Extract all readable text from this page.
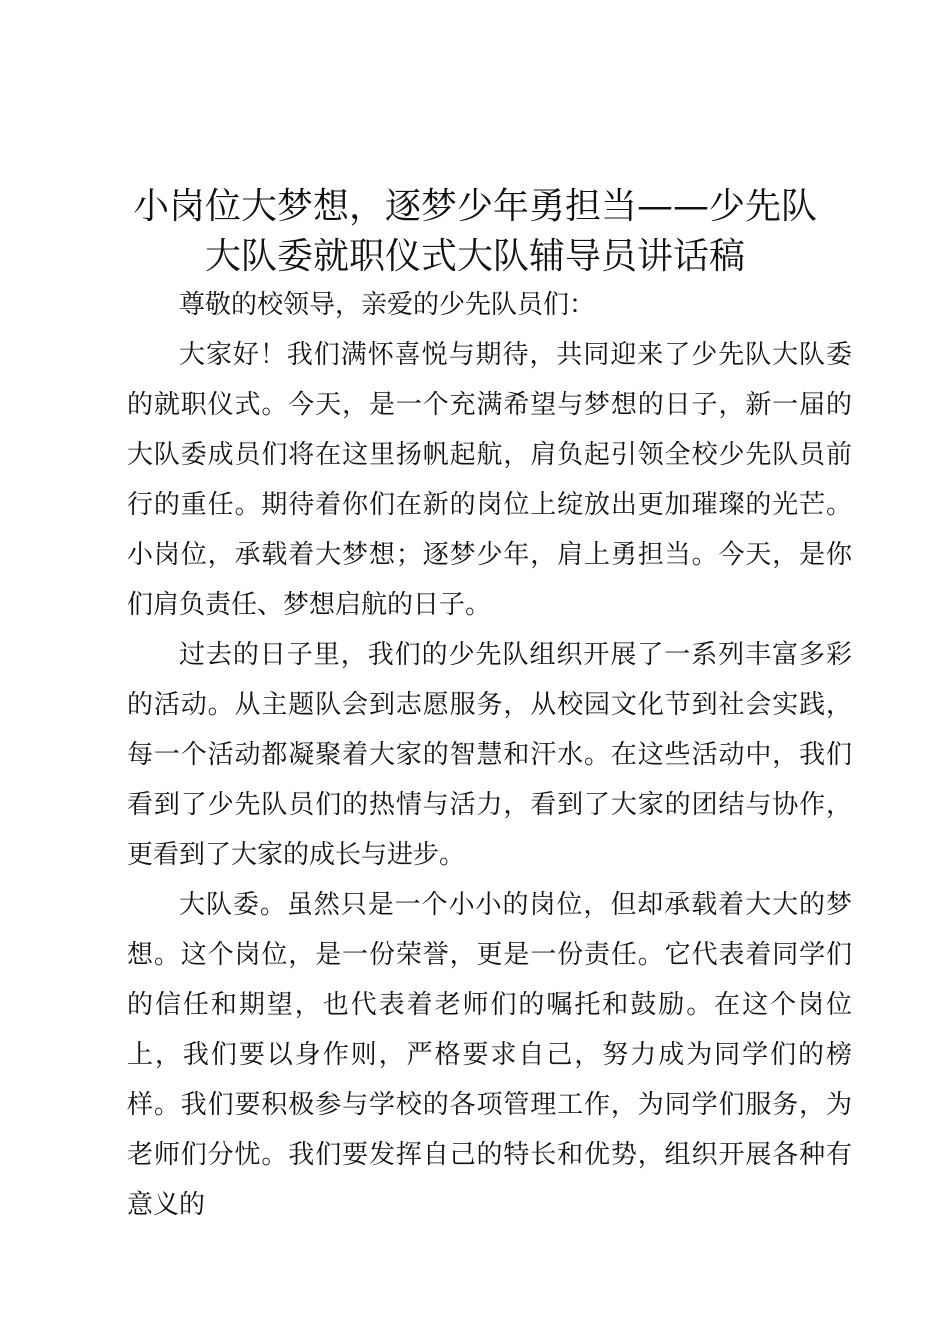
小岗位大梦想，逐梦少年勇担当——少先队
大队委就职仪式大队辅导员讲话稿

尊敬的校领导，亲爱的少先队员们：

大家好！我们满怀喜悦与期待，共同迎来了少先队大队委的就职仪式。今天，是一个充满希望与梦想的日子，新一届的大队委成员们将在这里扬帆起航，肩负起引领全校少先队员前行的重任。期待着你们在新的岗位上绽放出更加璀璨的光芒。小岗位，承载着大梦想；逐梦少年，肩上勇担当。今天，是你们肩负责任、梦想启航的日子。

过去的日子里，我们的少先队组织开展了一系列丰富多彩的活动。从主题队会到志愿服务，从校园文化节到社会实践，每一个活动都凝聚着大家的智慧和汗水。在这些活动中，我们看到了少先队员们的热情与活力，看到了大家的团结与协作，更看到了大家的成长与进步。

大队委。虽然只是一个小小的岗位，但却承载着大大的梦想。这个岗位，是一份荣誉，更是一份责任。它代表着同学们的信任和期望，也代表着老师们的嘱托和鼓励。在这个岗位上，我们要以身作则，严格要求自己，努力成为同学们的榜样。我们要积极参与学校的各项管理工作，为同学们服务，为老师们分忧。我们要发挥自己的特长和优势，组织开展各种有意义的
